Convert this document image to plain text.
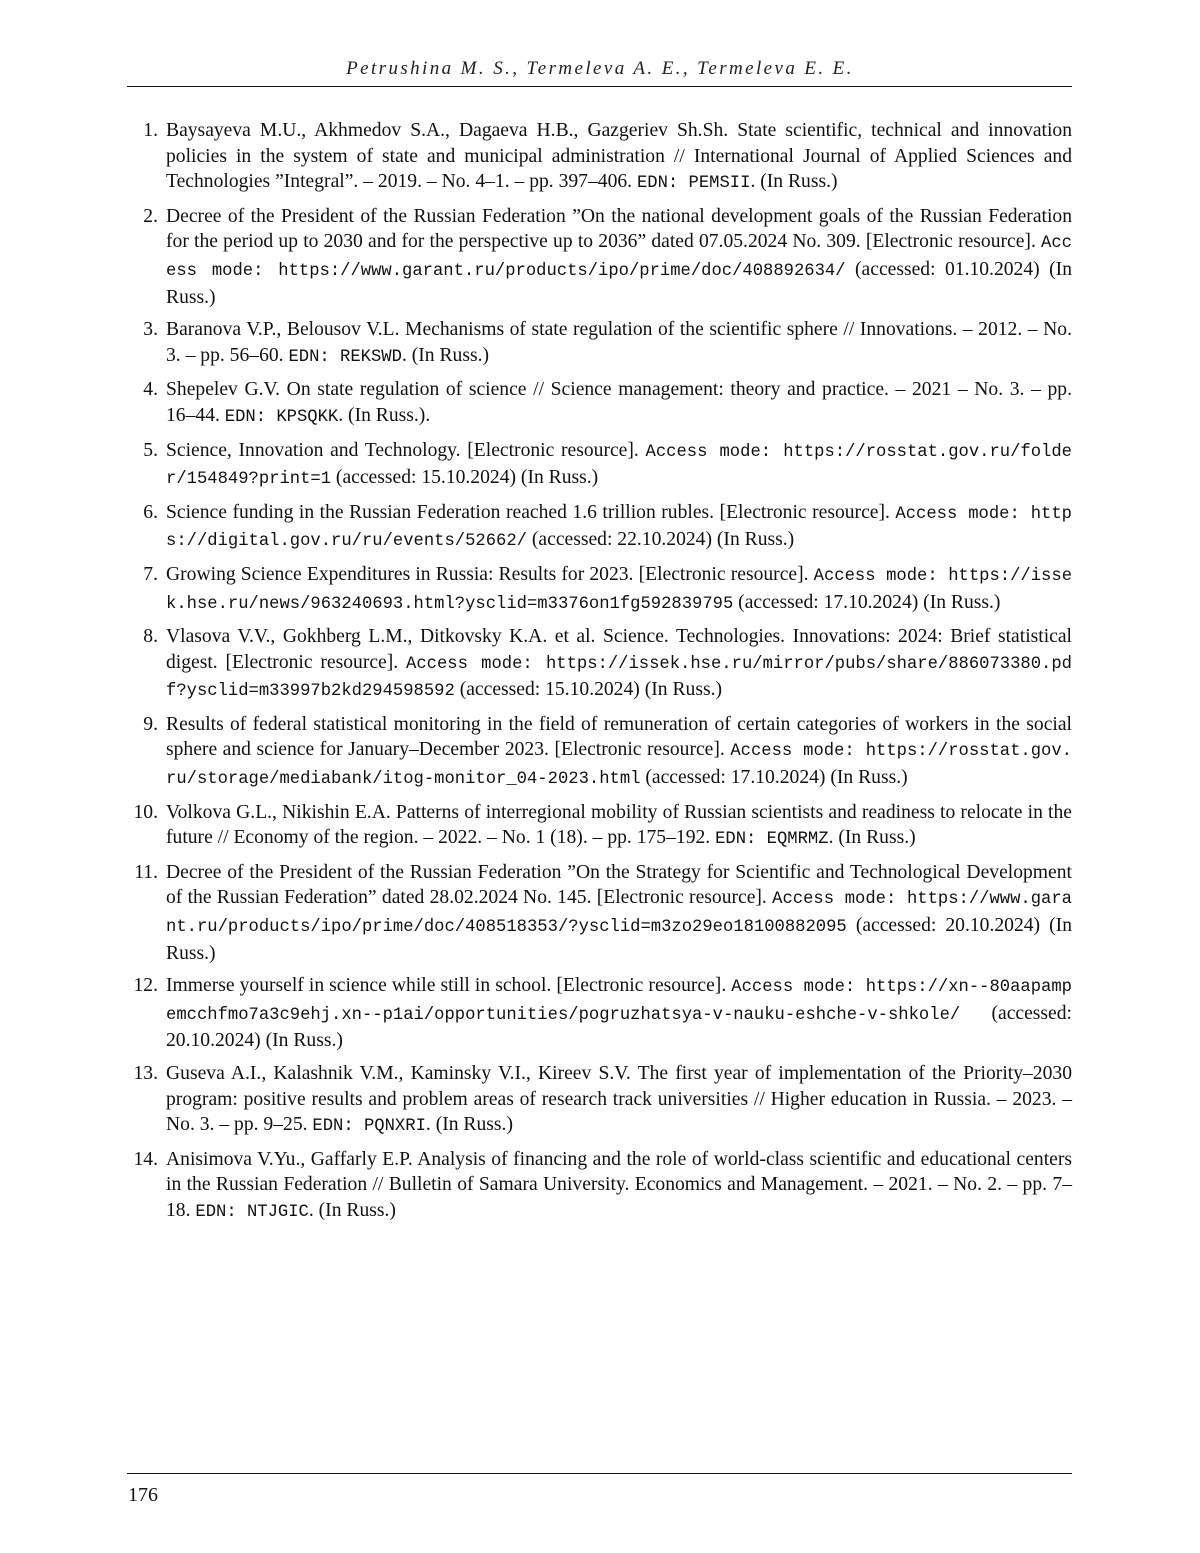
Petrushina M. S., Termeleva A. E., Termeleva E. E.
1. Baysayeva M.U., Akhmedov S.A., Dagaeva H.B., Gazgeriev Sh.Sh. State scientific, technical and innovation policies in the system of state and municipal administration // International Journal of Applied Sciences and Technologies ”Integral”. – 2019. – No. 4–1. – pp. 397–406. EDN: PEMSII. (In Russ.)
2. Decree of the President of the Russian Federation ”On the national development goals of the Russian Federation for the period up to 2030 and for the perspective up to 2036” dated 07.05.2024 No. 309. [Electronic resource]. Access mode: https://www.garant.ru/products/ipo/prime/doc/408892634/ (accessed: 01.10.2024) (In Russ.)
3. Baranova V.P., Belousov V.L. Mechanisms of state regulation of the scientific sphere // Innovations. – 2012. – No. 3. – pp. 56–60. EDN: REKSWD. (In Russ.)
4. Shepelev G.V. On state regulation of science // Science management: theory and practice. – 2021 – No. 3. – pp. 16–44. EDN: KPSQKK. (In Russ.).
5. Science, Innovation and Technology. [Electronic resource]. Access mode: https://rosstat.gov.ru/folder/154849?print=1 (accessed: 15.10.2024) (In Russ.)
6. Science funding in the Russian Federation reached 1.6 trillion rubles. [Electronic resource]. Access mode: https://digital.gov.ru/ru/events/52662/ (accessed: 22.10.2024) (In Russ.)
7. Growing Science Expenditures in Russia: Results for 2023. [Electronic resource]. Access mode: https://issek.hse.ru/news/963240693.html?ysclid=m3376on1fg592839795 (accessed: 17.10.2024) (In Russ.)
8. Vlasova V.V., Gokhberg L.M., Ditkovsky K.A. et al. Science. Technologies. Innovations: 2024: Brief statistical digest. [Electronic resource]. Access mode: https://issek.hse.ru/mirror/pubs/share/886073380.pdf?ysclid=m33997b2kd294598592 (accessed: 15.10.2024) (In Russ.)
9. Results of federal statistical monitoring in the field of remuneration of certain categories of workers in the social sphere and science for January–December 2023. [Electronic resource]. Access mode: https://rosstat.gov.ru/storage/mediabank/itog-monitor_04-2023.html (accessed: 17.10.2024) (In Russ.)
10. Volkova G.L., Nikishin E.A. Patterns of interregional mobility of Russian scientists and readiness to relocate in the future // Economy of the region. – 2022. – No. 1 (18). – pp. 175–192. EDN: EQMRMZ. (In Russ.)
11. Decree of the President of the Russian Federation ”On the Strategy for Scientific and Technological Development of the Russian Federation” dated 28.02.2024 No. 145. [Electronic resource]. Access mode: https://www.garant.ru/products/ipo/prime/doc/408518353/?ysclid=m3zo29eo18100882095 (accessed: 20.10.2024) (In Russ.)
12. Immerse yourself in science while still in school. [Electronic resource]. Access mode: https://xn--80aapampemcchfmo7a3c9ehj.xn--p1ai/opportunities/pogruzhatsya-v-nauku-eshche-v-shkole/ (accessed: 20.10.2024) (In Russ.)
13. Guseva A.I., Kalashnik V.M., Kaminsky V.I., Kireev S.V. The first year of implementation of the Priority–2030 program: positive results and problem areas of research track universities // Higher education in Russia. – 2023. – No. 3. – pp. 9–25. EDN: PQNXRI. (In Russ.)
14. Anisimova V.Yu., Gaffarly E.P. Analysis of financing and the role of world-class scientific and educational centers in the Russian Federation // Bulletin of Samara University. Economics and Management. – 2021. – No. 2. – pp. 7–18. EDN: NTJGIC. (In Russ.)
176
